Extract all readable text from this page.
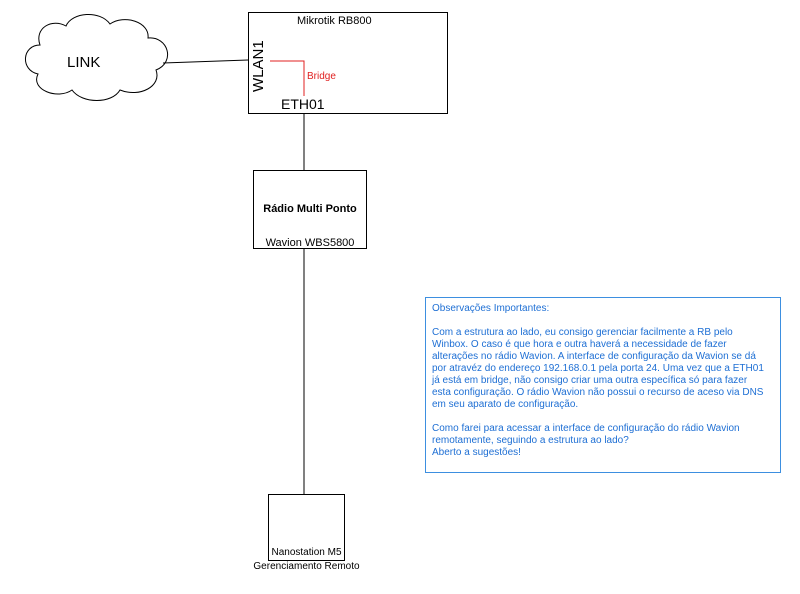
LINK
Mikrotik RB800
WLAN1	Bridge
ETH01
Rádio Multi Ponto
Wavion WBS5800
Nanostation M5
Gerenciamento Remoto

Observações Importantes:

Com a estrutura ao lado, eu consigo gerenciar facilmente a RB pelo
Winbox. O caso é que hora e outra haverá a necessidade de fazer
alterações no rádio Wavion. A interface de configuração da Wavion se dá
por atravéz do endereço 192.168.0.1 pela porta 24. Uma vez que a ETH01
já está em bridge, não consigo criar uma outra específica só para fazer
esta configuração. O rádio Wavion não possui o recurso de aceso via DNS
em seu aparato de configuração.

Como farei para acessar a interface de configuração do rádio Wavion
remotamente, seguindo a estrutura ao lado?
Aberto a sugestões!
